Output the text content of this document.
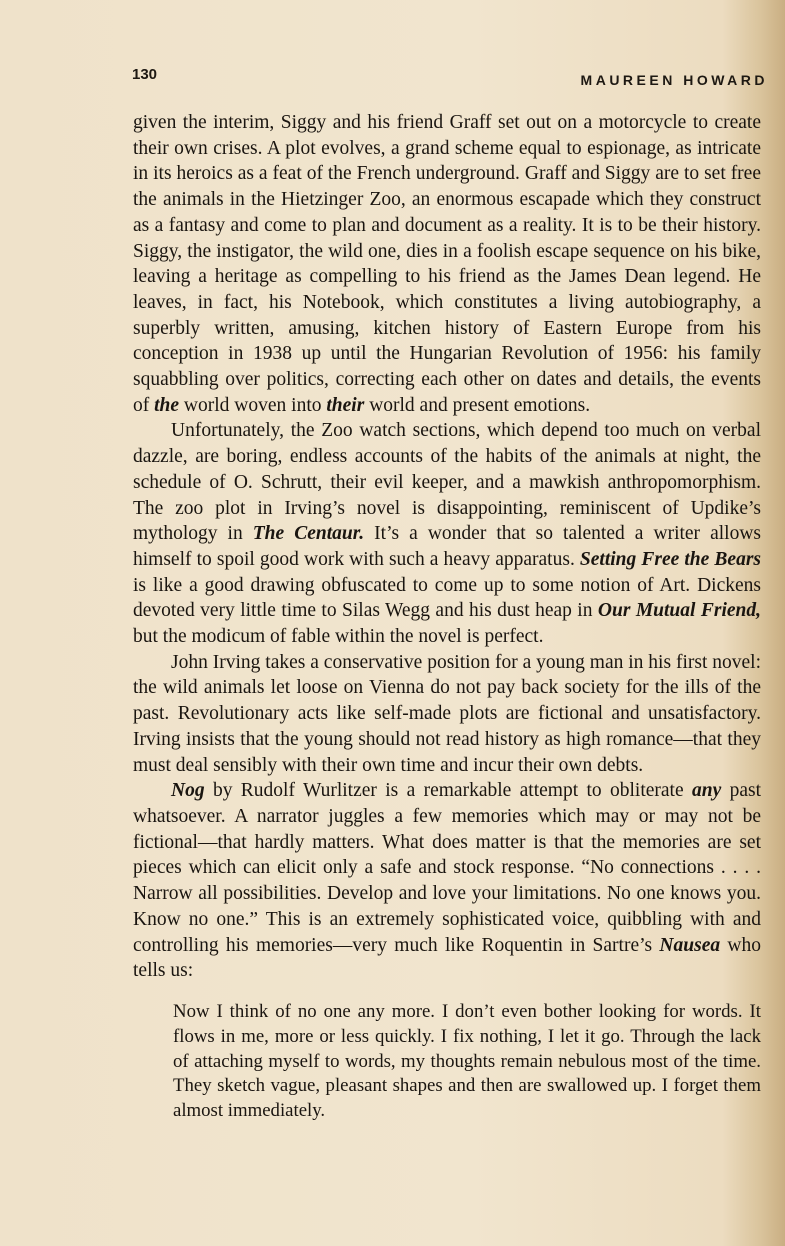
130	MAUREEN HOWARD

given the interim, Siggy and his friend Graff set out on a motorcycle to create their own crises. A plot evolves, a grand scheme equal to espionage, as intricate in its heroics as a feat of the French underground. Graff and Siggy are to set free the animals in the Hietzinger Zoo, an enormous escapade which they construct as a fantasy and come to plan and document as a reality. It is to be their history. Siggy, the instigator, the wild one, dies in a foolish escape sequence on his bike, leaving a heritage as compelling to his friend as the James Dean legend. He leaves, in fact, his Notebook, which constitutes a living autobiography, a superbly written, amusing, kitchen history of Eastern Europe from his conception in 1938 up until the Hungarian Revolution of 1956: his family squabbling over politics, correcting each other on dates and details, the events of the world woven into their world and present emotions.

Unfortunately, the Zoo watch sections, which depend too much on verbal dazzle, are boring, endless accounts of the habits of the animals at night, the schedule of O. Schrutt, their evil keeper, and a mawkish anthropomorphism. The zoo plot in Irving’s novel is disappointing, reminiscent of Updike’s mythology in The Centaur. It’s a wonder that so talented a writer allows himself to spoil good work with such a heavy apparatus. Setting Free the Bears is like a good drawing obfuscated to come up to some notion of Art. Dickens devoted very little time to Silas Wegg and his dust heap in Our Mutual Friend, but the modicum of fable within the novel is perfect.

John Irving takes a conservative position for a young man in his first novel: the wild animals let loose on Vienna do not pay back society for the ills of the past. Revolutionary acts like self-made plots are fictional and unsatisfactory. Irving insists that the young should not read history as high romance—that they must deal sensibly with their own time and incur their own debts.

Nog by Rudolf Wurlitzer is a remarkable attempt to obliterate any past whatsoever. A narrator juggles a few memories which may or may not be fictional—that hardly matters. What does matter is that the memories are set pieces which can elicit only a safe and stock response. “No connections . . . . Narrow all possibilities. Develop and love your limitations. No one knows you. Know no one.” This is an extremely sophisticated voice, quibbling with and controlling his memories—very much like Roquentin in Sartre’s Nausea who tells us:

Now I think of no one any more. I don’t even bother looking for words. It flows in me, more or less quickly. I fix nothing, I let it go. Through the lack of attaching myself to words, my thoughts remain nebulous most of the time. They sketch vague, pleasant shapes and then are swallowed up. I forget them almost immediately.
